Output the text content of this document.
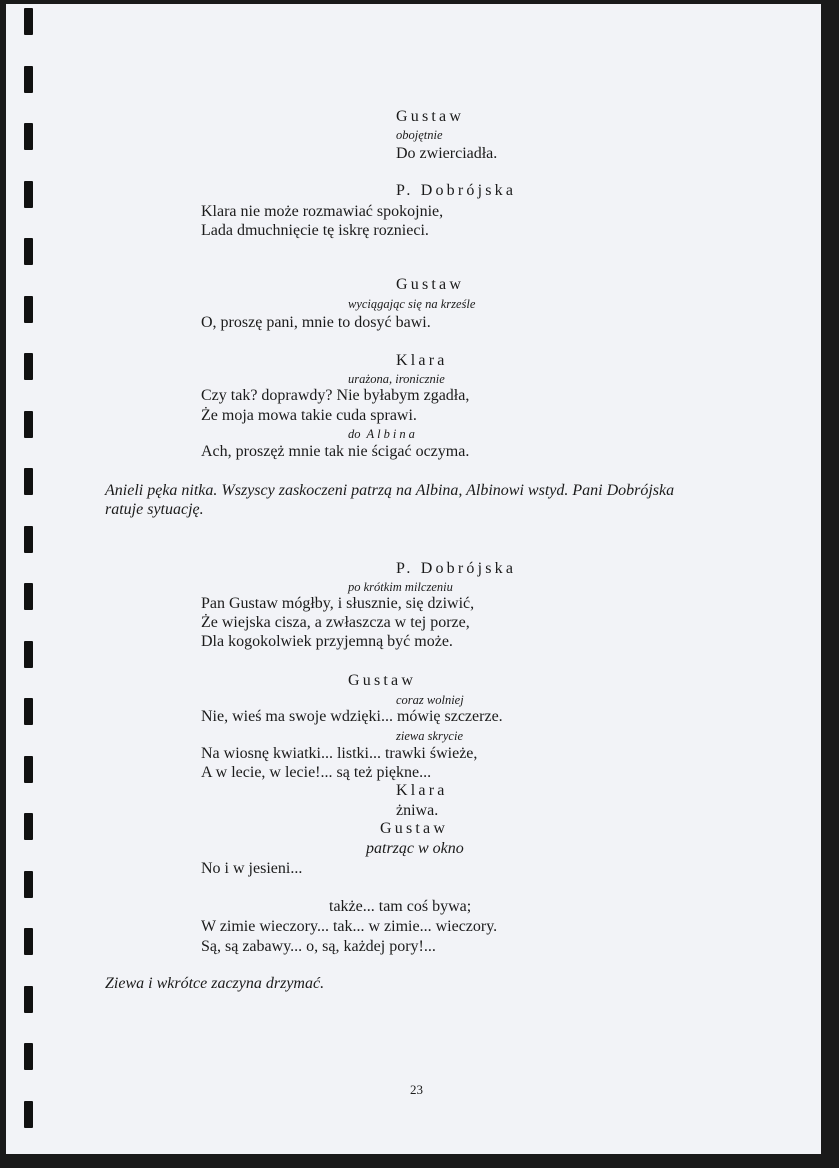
Gustaw
obojętnie
Do zwierciadła.
P. Dobrójska
Klara nie może rozmawiać spokojnie,
Lada dmuchnięcie tę iskrę roznieci.
Gustaw
wyciągając się na krześle
O, proszę pani, mnie to dosyć bawi.
Klara
urażona, ironicznie
Czy tak? doprawdy? Nie byłabym zgadła,
Że moja mowa takie cuda sprawi.
do Albina
Ach, proszęż mnie tak nie ścigać oczyma.
Anieli pęka nitka. Wszyscy zaskoczeni patrzą na Albina, Albinowi wstyd. Pani Dobrójska
ratuje sytuację.
P. Dobrójska
po krótkim milczeniu
Pan Gustaw mógłby, i słusznie, się dziwić,
Że wiejska cisza, a zwłaszcza w tej porze,
Dla kogokolwiek przyjemną być może.
Gustaw
coraz wolniej
Nie, wieś ma swoje wdzięki... mówię szczerze.
ziewa skrycie
Na wiosnę kwiatki... listki... trawki świeże,
A w lecie, w lecie!... są też piękne...
Klara
żniwa.
Gustaw
patrząc w okno
No i w jesieni...
także... tam coś bywa;
W zimie wieczory... tak... w zimie... wieczory.
Są, są zabawy... o, są, każdej pory!...
Ziewa i wkrótce zaczyna drzymać.
23
